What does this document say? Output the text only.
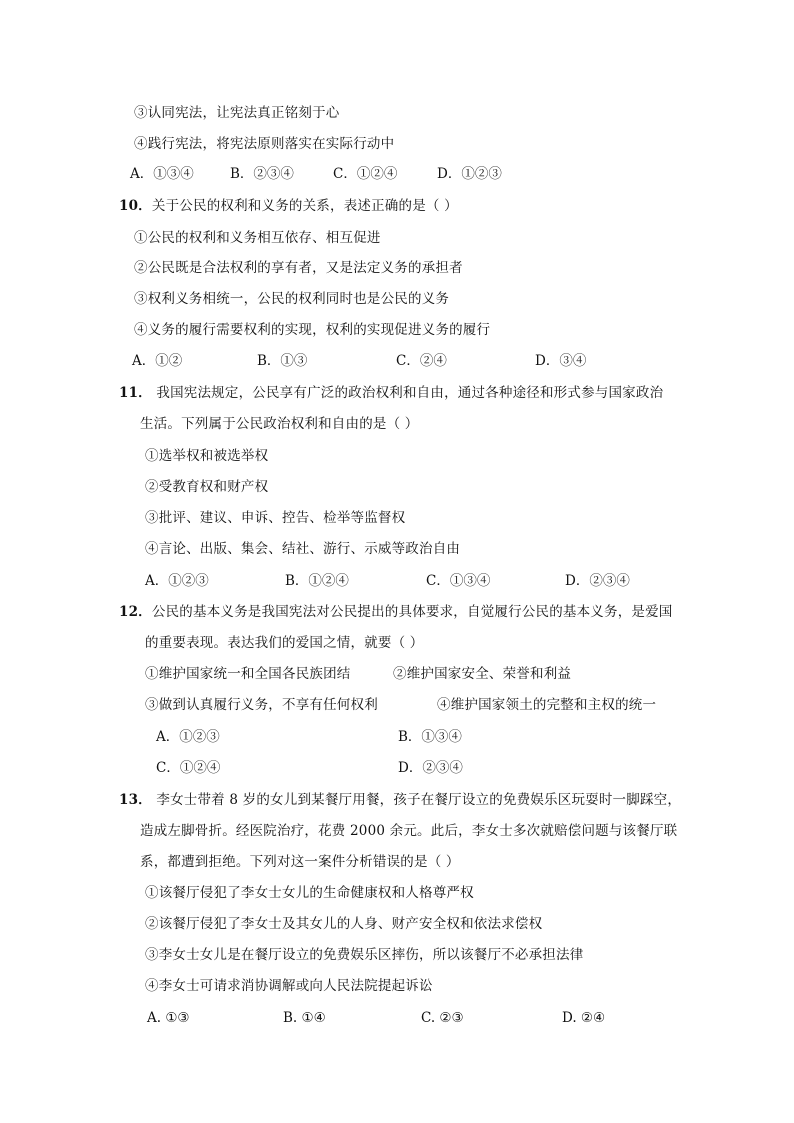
③认同宪法，让宪法真正铭刻于心
④践行宪法，将宪法原则落实在实际行动中
A．①③④	B．②③④	C．①②④	D．①②③
10．关于公民的权利和义务的关系，表述正确的是（ ）
①公民的权利和义务相互依存、相互促进
②公民既是合法权利的享有者，又是法定义务的承担者
③权利义务相统一，公民的权利同时也是公民的义务
④义务的履行需要权利的实现，权利的实现促进义务的履行
A．①②	B．①③	C．②④	D．③④
11． 我国宪法规定，公民享有广泛的政治权利和自由，通过各种途径和形式参与国家政治
生活。下列属于公民政治权利和自由的是（ ）
①选举权和被选举权
②受教育权和财产权
③批评、建议、申诉、控告、检举等监督权
④言论、出版、集会、结社、游行、示威等政治自由
A．①②③	B．①②④	C．①③④	D．②③④
12．公民的基本义务是我国宪法对公民提出的具体要求，自觉履行公民的基本义务，是爱国
的重要表现。表达我们的爱国之情，就要（ ）
①维护国家统一和全国各民族团结	②维护国家安全、荣誉和利益
③做到认真履行义务，不享有任何权利	④维护国家领土的完整和主权的统一
A．①②③	B．①③④
C．①②④	D．②③④
13． 李女士带着 8 岁的女儿到某餐厅用餐，孩子在餐厅设立的免费娱乐区玩耍时一脚踩空，
造成左脚骨折。经医院治疗，花费 2000 余元。此后，李女士多次就赔偿问题与该餐厅联
系，都遭到拒绝。下列对这一案件分析错误的是（ ）
①该餐厅侵犯了李女士女儿的生命健康权和人格尊严权
②该餐厅侵犯了李女士及其女儿的人身、财产安全权和依法求偿权
③李女士女儿是在餐厅设立的免费娱乐区摔伤，所以该餐厅不必承担法律
④李女士可请求消协调解或向人民法院提起诉讼
A. ①③	B. ①④	C. ②③	D. ②④
